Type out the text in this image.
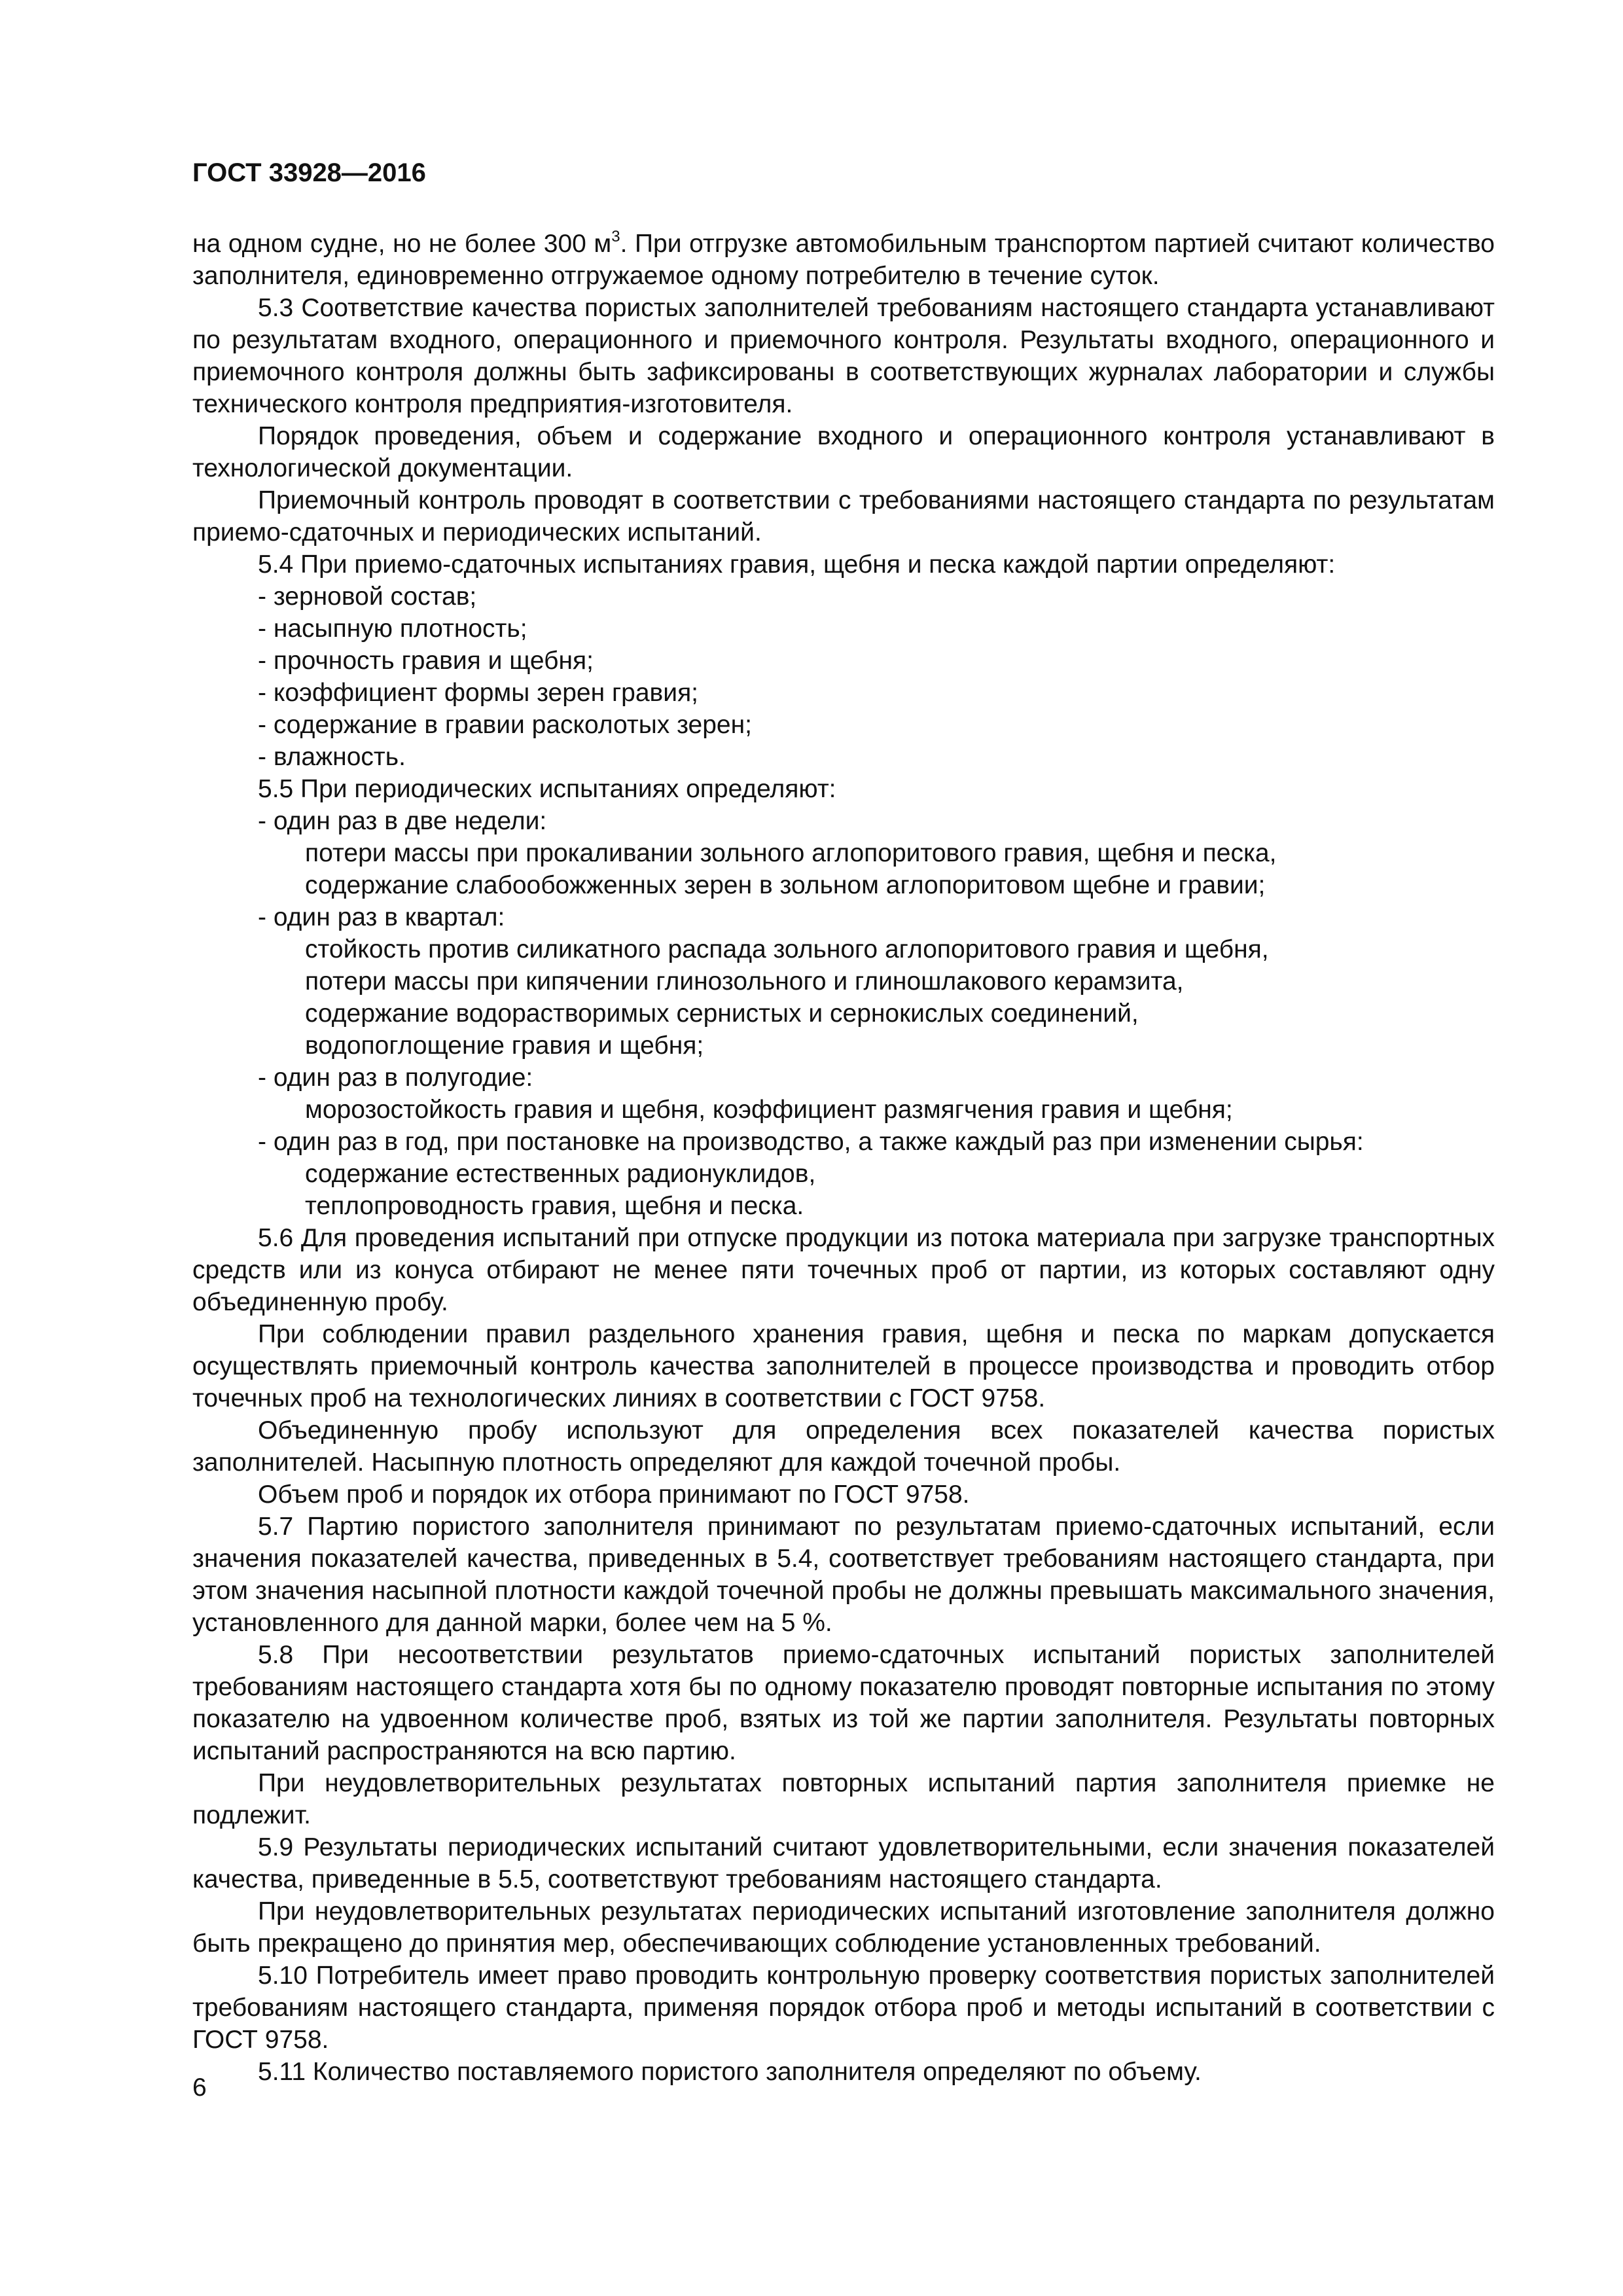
ГОСТ 33928—2016

на одном судне, но не более 300 $м^3$. При отгрузке автомобильным транспортом партией считают количество заполнителя, единовременно отгружаемое одному потребителю в течение суток.

5.3 Соответствие качества пористых заполнителей требованиям настоящего стандарта устанавливают по результатам входного, операционного и приемочного контроля. Результаты входного, операционного и приемочного контроля должны быть зафиксированы в соответствующих журналах лаборатории и службы технического контроля предприятия-изготовителя.

Порядок проведения, объем и содержание входного и операционного контроля устанавливают в технологической документации.

Приемочный контроль проводят в соответствии с требованиями настоящего стандарта по результатам приемо-сдаточных и периодических испытаний.

5.4 При приемо-сдаточных испытаниях гравия, щебня и песка каждой партии определяют:

- зерновой состав;

- насыпную плотность;

- прочность гравия и щебня;

- коэффициент формы зерен гравия;

- содержание в гравии расколотых зерен;

- влажность.

5.5 При периодических испытаниях определяют:

- один раз в две недели:

потери массы при прокаливании зольного аглопоритового гравия, щебня и песка,

содержание слабообожженных зерен в зольном аглопоритовом щебне и гравии;

- один раз в квартал:

стойкость против силикатного распада зольного аглопоритового гравия и щебня,

потери массы при кипячении глинозольного и глиношлакового керамзита,

содержание водорастворимых сернистых и сернокислых соединений,

водопоглощение гравия и щебня;

- один раз в полугодие:

морозостойкость гравия и щебня, коэффициент размягчения гравия и щебня;

- один раз в год, при постановке на производство, а также каждый раз при изменении сырья:

содержание естественных радионуклидов,

теплопроводность гравия, щебня и песка.

5.6 Для проведения испытаний при отпуске продукции из потока материала при загрузке транспортных средств или из конуса отбирают не менее пяти точечных проб от партии, из которых составляют одну объединенную пробу.

При соблюдении правил раздельного хранения гравия, щебня и песка по маркам допускается осуществлять приемочный контроль качества заполнителей в процессе производства и проводить отбор точечных проб на технологических линиях в соответствии с ГОСТ 9758.

Объединенную пробу используют для определения всех показателей качества пористых заполнителей. Насыпную плотность определяют для каждой точечной пробы.

Объем проб и порядок их отбора принимают по ГОСТ 9758.

5.7 Партию пористого заполнителя принимают по результатам приемо-сдаточных испытаний, если значения показателей качества, приведенных в 5.4, соответствует требованиям настоящего стандарта, при этом значения насыпной плотности каждой точечной пробы не должны превышать максимального значения, установленного для данной марки, более чем на 5 %.

5.8 При несоответствии результатов приемо-сдаточных испытаний пористых заполнителей требованиям настоящего стандарта хотя бы по одному показателю проводят повторные испытания по этому показателю на удвоенном количестве проб, взятых из той же партии заполнителя. Результаты повторных испытаний распространяются на всю партию.

При неудовлетворительных результатах повторных испытаний партия заполнителя приемке не подлежит.

5.9 Результаты периодических испытаний считают удовлетворительными, если значения показателей качества, приведенные в 5.5, соответствуют требованиям настоящего стандарта.

При неудовлетворительных результатах периодических испытаний изготовление заполнителя должно быть прекращено до принятия мер, обеспечивающих соблюдение установленных требований.

5.10 Потребитель имеет право проводить контрольную проверку соответствия пористых заполнителей требованиям настоящего стандарта, применяя порядок отбора проб и методы испытаний в соответствии с ГОСТ 9758.

5.11 Количество поставляемого пористого заполнителя определяют по объему.

6
